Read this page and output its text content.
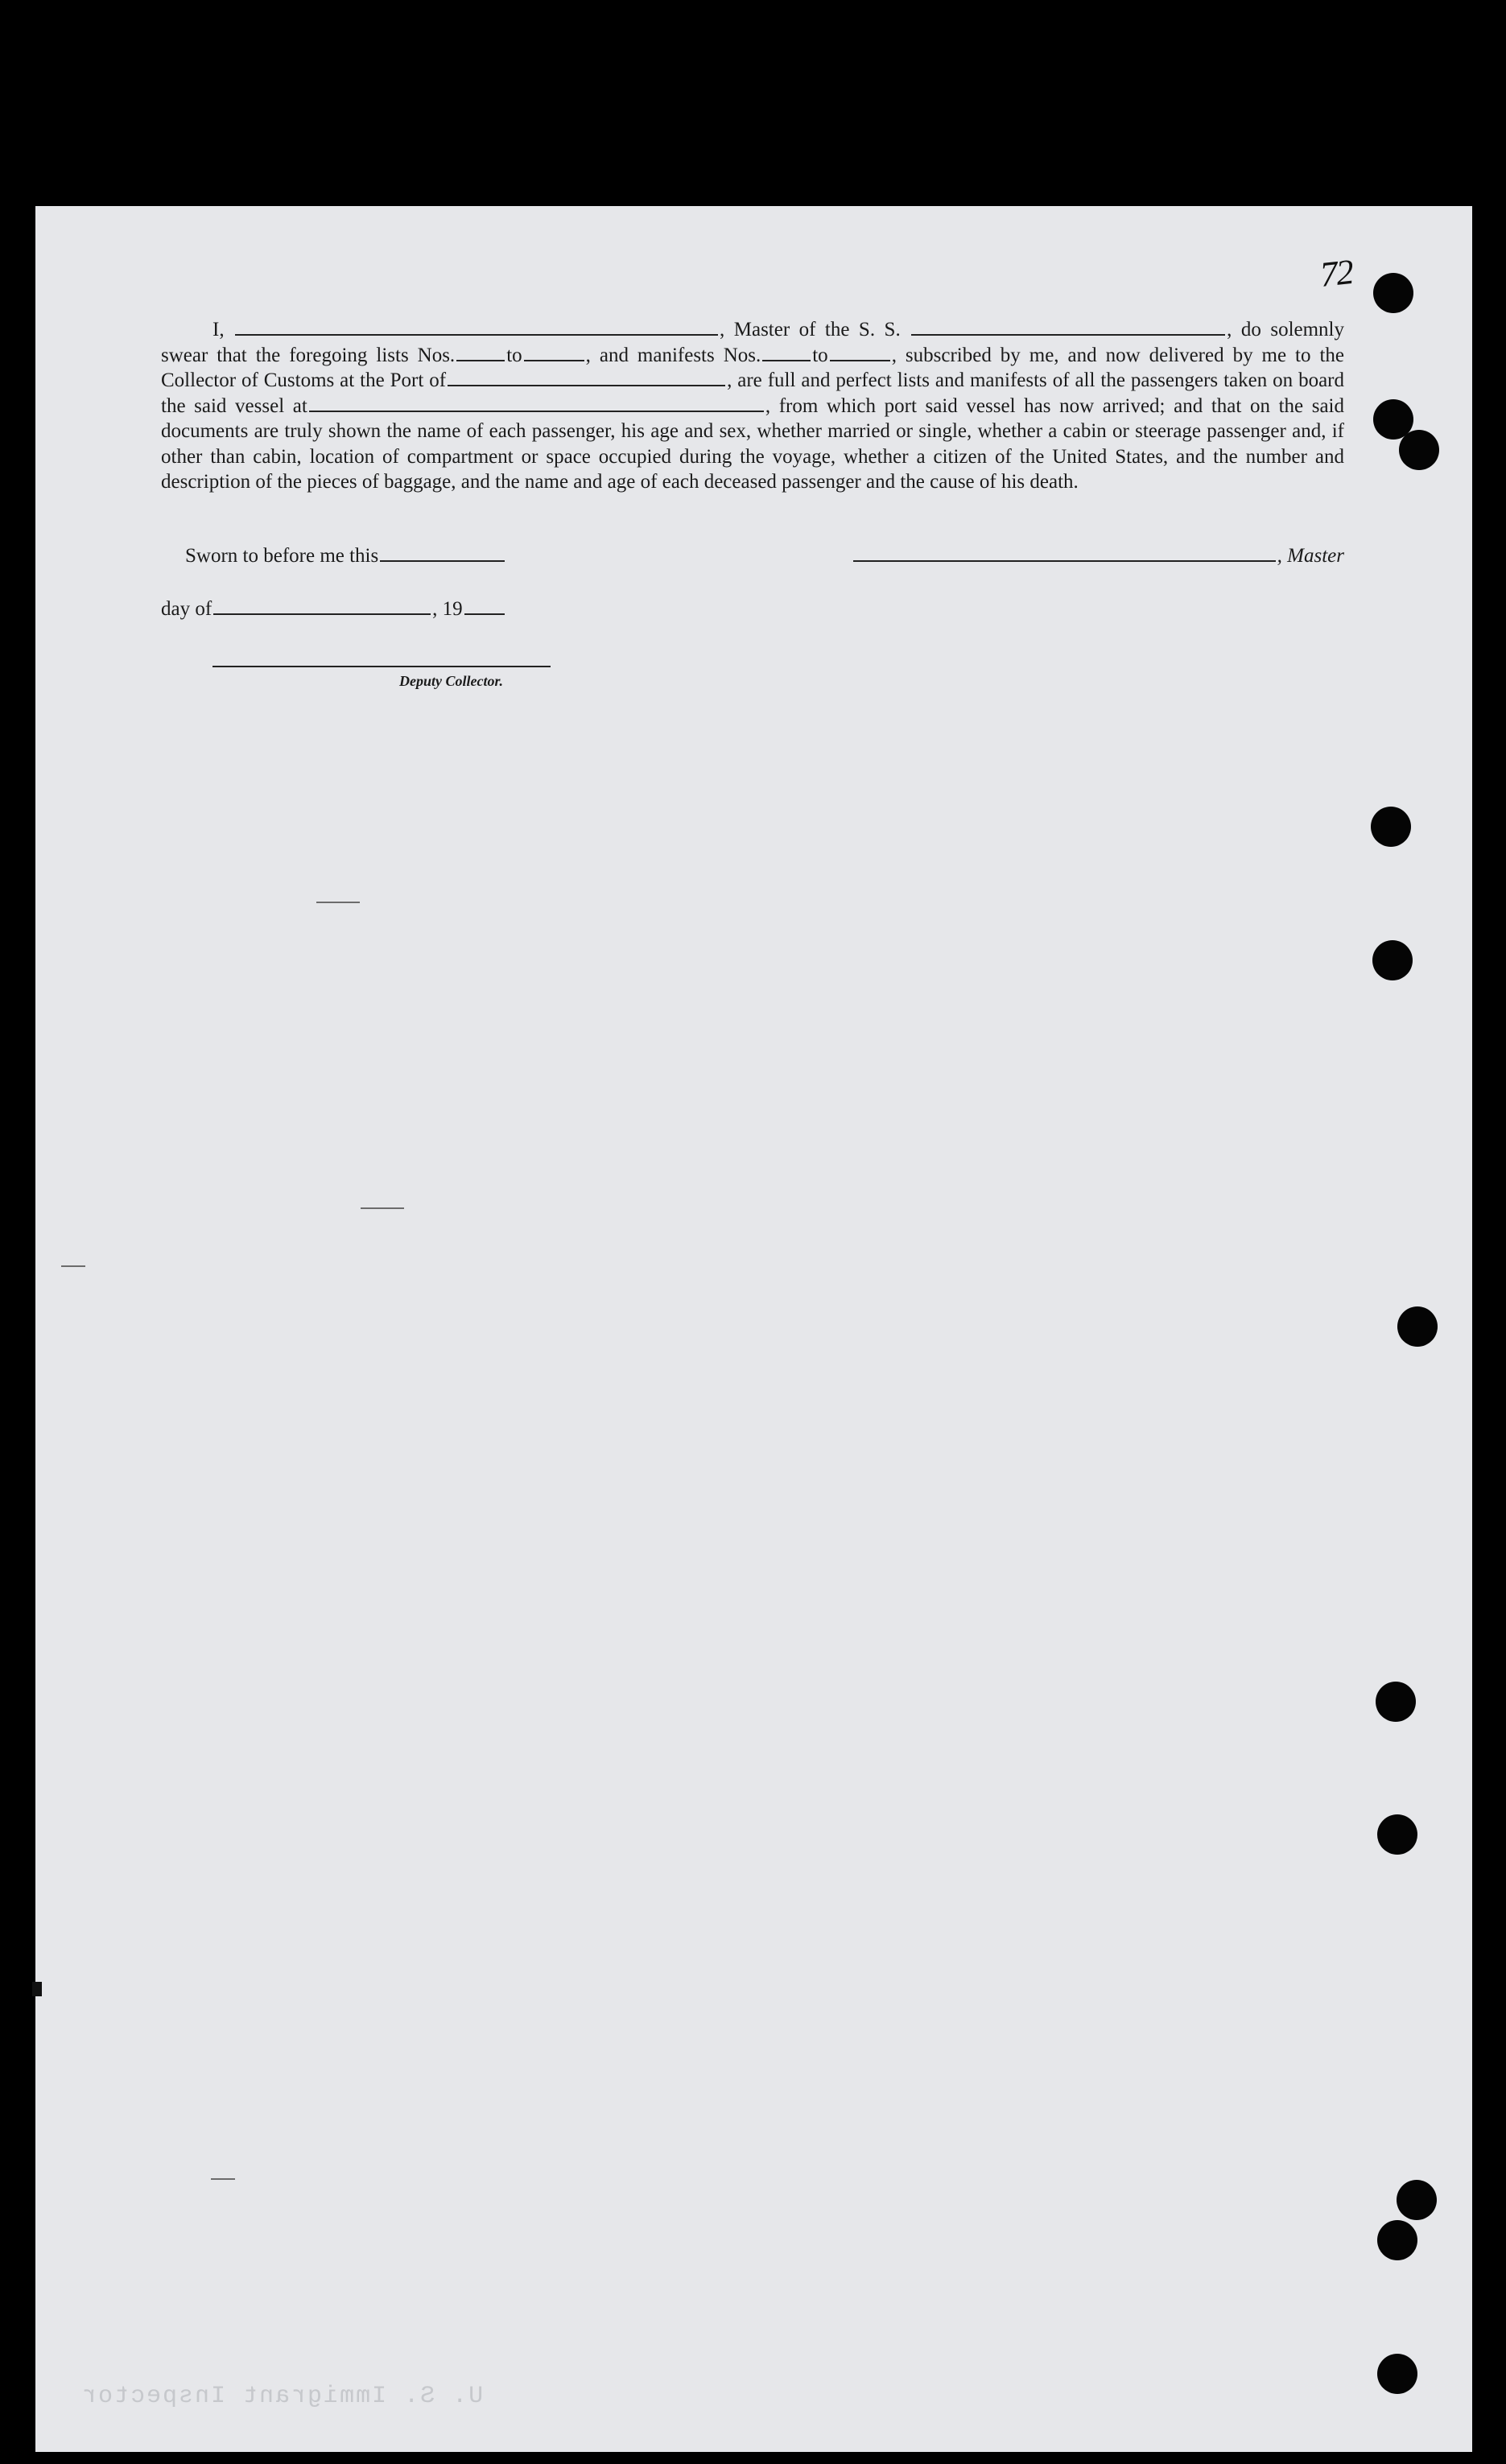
72
I,	, Master of the S. S.	, do solemnly swear that the foregoing lists Nos.	to	, and manifests Nos.	to	, subscribed by me, and now delivered by me to the Collector of Customs at the Port of	, are full and perfect lists and manifests of all the passengers taken on board the said vessel at	, from which port said vessel has now arrived; and that on the said documents are truly shown the name of each passenger, his age and sex, whether married or single, whether a cabin or steerage passenger and, if other than cabin, location of compartment or space occupied during the voyage, whether a citizen of the United States, and the number and description of the pieces of baggage, and the name and age of each deceased passenger and the cause of his death.
Sworn to before me this	, Master
day of	, 19
Deputy Collector.
U. S. Immigrant Inspector
